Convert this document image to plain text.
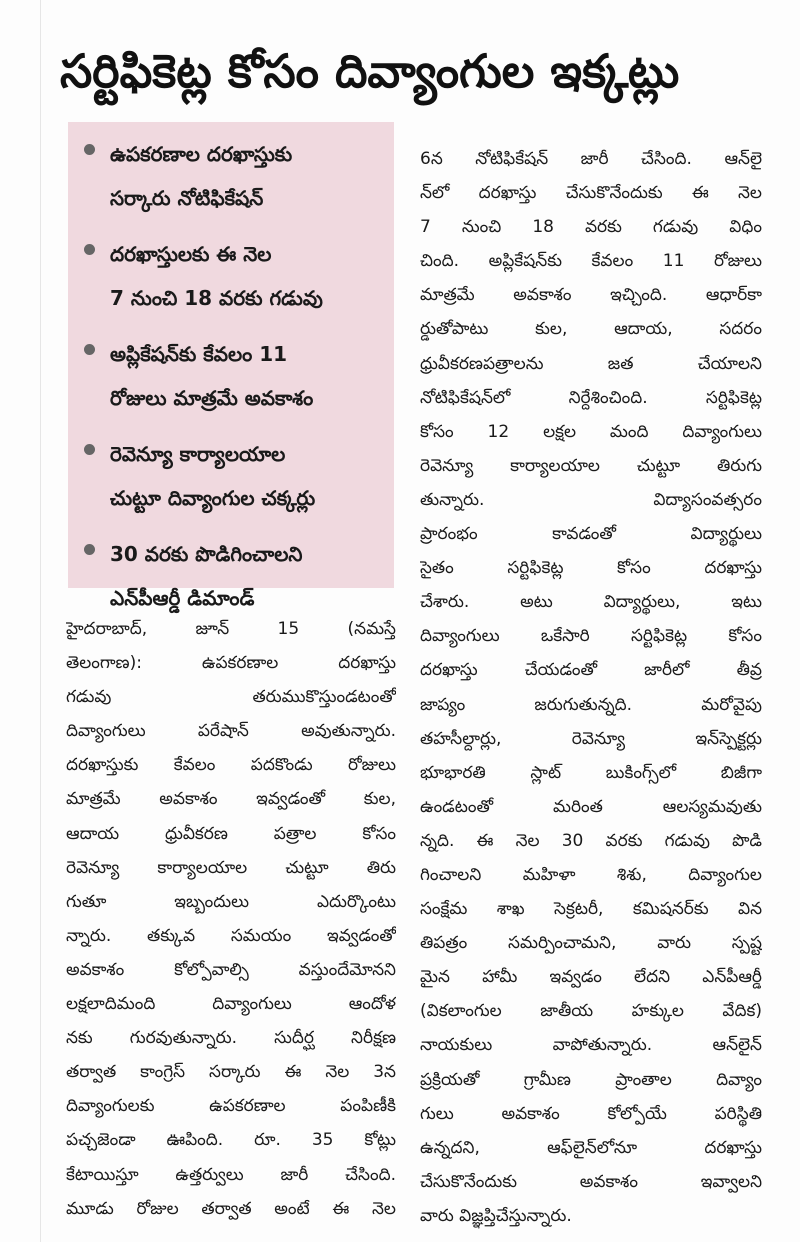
సర్టిఫికెట్ల కోసం దివ్యాంగుల ఇక్కట్లు
ఉపకరణాల దరఖాస్తుకు
సర్కారు నోటిఫికేషన్
దరఖాస్తులకు ఈ నెల
7 నుంచి 18 వరకు గడువు
అప్లికేషన్‌కు కేవలం 11
రోజులు మాత్రమే అవకాశం
రెవెన్యూ కార్యాలయాల
చుట్టూ దివ్యాంగుల చక్కర్లు
30 వరకు పొడిగించాలని
ఎన్‌పీఆర్డీ డిమాండ్
హైదరాబాద్, జూన్ 15 (నమస్తే
తెలంగాణ): ఉపకరణాల దరఖాస్తు
గడువు తరుముకొస్తుండటంతో
దివ్యాంగులు పరేషాన్ అవుతున్నారు.
దరఖాస్తుకు కేవలం పదకొండు రోజులు
మాత్రమే అవకాశం ఇవ్వడంతో కుల,
ఆదాయ ధ్రువీకరణ పత్రాల కోసం
రెవెన్యూ కార్యాలయాల చుట్టూ తిరు
గుతూ ఇబ్బందులు ఎదుర్కొంటు
న్నారు. తక్కువ సమయం ఇవ్వడంతో
అవకాశం కోల్పోవాల్సి వస్తుందేమోనని
లక్షలాదిమంది దివ్యాంగులు ఆందోళ
నకు గురవుతున్నారు. సుదీర్ఘ నిరీక్షణ
తర్వాత కాంగ్రెస్ సర్కారు ఈ నెల 3న
దివ్యాంగులకు ఉపకరణాల పంపిణీకి
పచ్చజెండా ఊపింది. రూ. 35 కోట్లు
కేటాయిస్తూ ఉత్తర్వులు జారీ చేసింది.
మూడు రోజుల తర్వాత అంటే ఈ నెల
6న నోటిఫికేషన్ జారీ చేసింది. ఆన్‌లై
న్‌లో దరఖాస్తు చేసుకొనేందుకు ఈ నెల
7 నుంచి 18 వరకు గడువు విధిం
చింది. అప్లికేషన్‌కు కేవలం 11 రోజులు
మాత్రమే అవకాశం ఇచ్చింది. ఆధార్‌కా
ర్డుతోపాటు కుల, ఆదాయ, సదరం
ధ్రువీకరణపత్రాలను జత చేయాలని
నోటిఫికేషన్‌లో నిర్దేశించింది. సర్టిఫికెట్ల
కోసం 12 లక్షల మంది దివ్యాంగులు
రెవెన్యూ కార్యాలయాల చుట్టూ తిరుగు
తున్నారు. విద్యాసంవత్సరం
ప్రారంభం కావడంతో విద్యార్థులు
సైతం సర్టిఫికెట్ల కోసం దరఖాస్తు
చేశారు. అటు విద్యార్థులు, ఇటు
దివ్యాంగులు ఒకేసారి సర్టిఫికెట్ల కోసం
దరఖాస్తు చేయడంతో జారీలో తీవ్ర
జాప్యం జరుగుతున్నది. మరోవైపు
తహసీల్దార్లు, రెవెన్యూ ఇన్‌స్పెక్టర్లు
భూభారతి స్లాట్ బుకింగ్స్‌లో బిజీగా
ఉండటంతో మరింత ఆలస్యమవుతు
న్నది. ఈ నెల 30 వరకు గడువు పొడి
గించాలని మహిళా శిశు, దివ్యాంగుల
సంక్షేమ శాఖ సెక్రటరీ, కమిషనర్‌కు విన
తిపత్రం సమర్పించామని, వారు స్పష్ట
మైన హామీ ఇవ్వడం లేదని ఎన్‌పీఆర్డీ
(వికలాంగుల జాతీయ హక్కుల వేదిక)
నాయకులు వాపోతున్నారు. ఆన్‌లైన్
ప్రక్రియతో గ్రామీణ ప్రాంతాల దివ్యాం
గులు అవకాశం కోల్పోయే పరిస్థితి
ఉన్నదని, ఆఫ్‌లైన్‌లోనూ దరఖాస్తు
చేసుకొనేందుకు అవకాశం ఇవ్వాలని
వారు విజ్ఞప్తిచేస్తున్నారు.
